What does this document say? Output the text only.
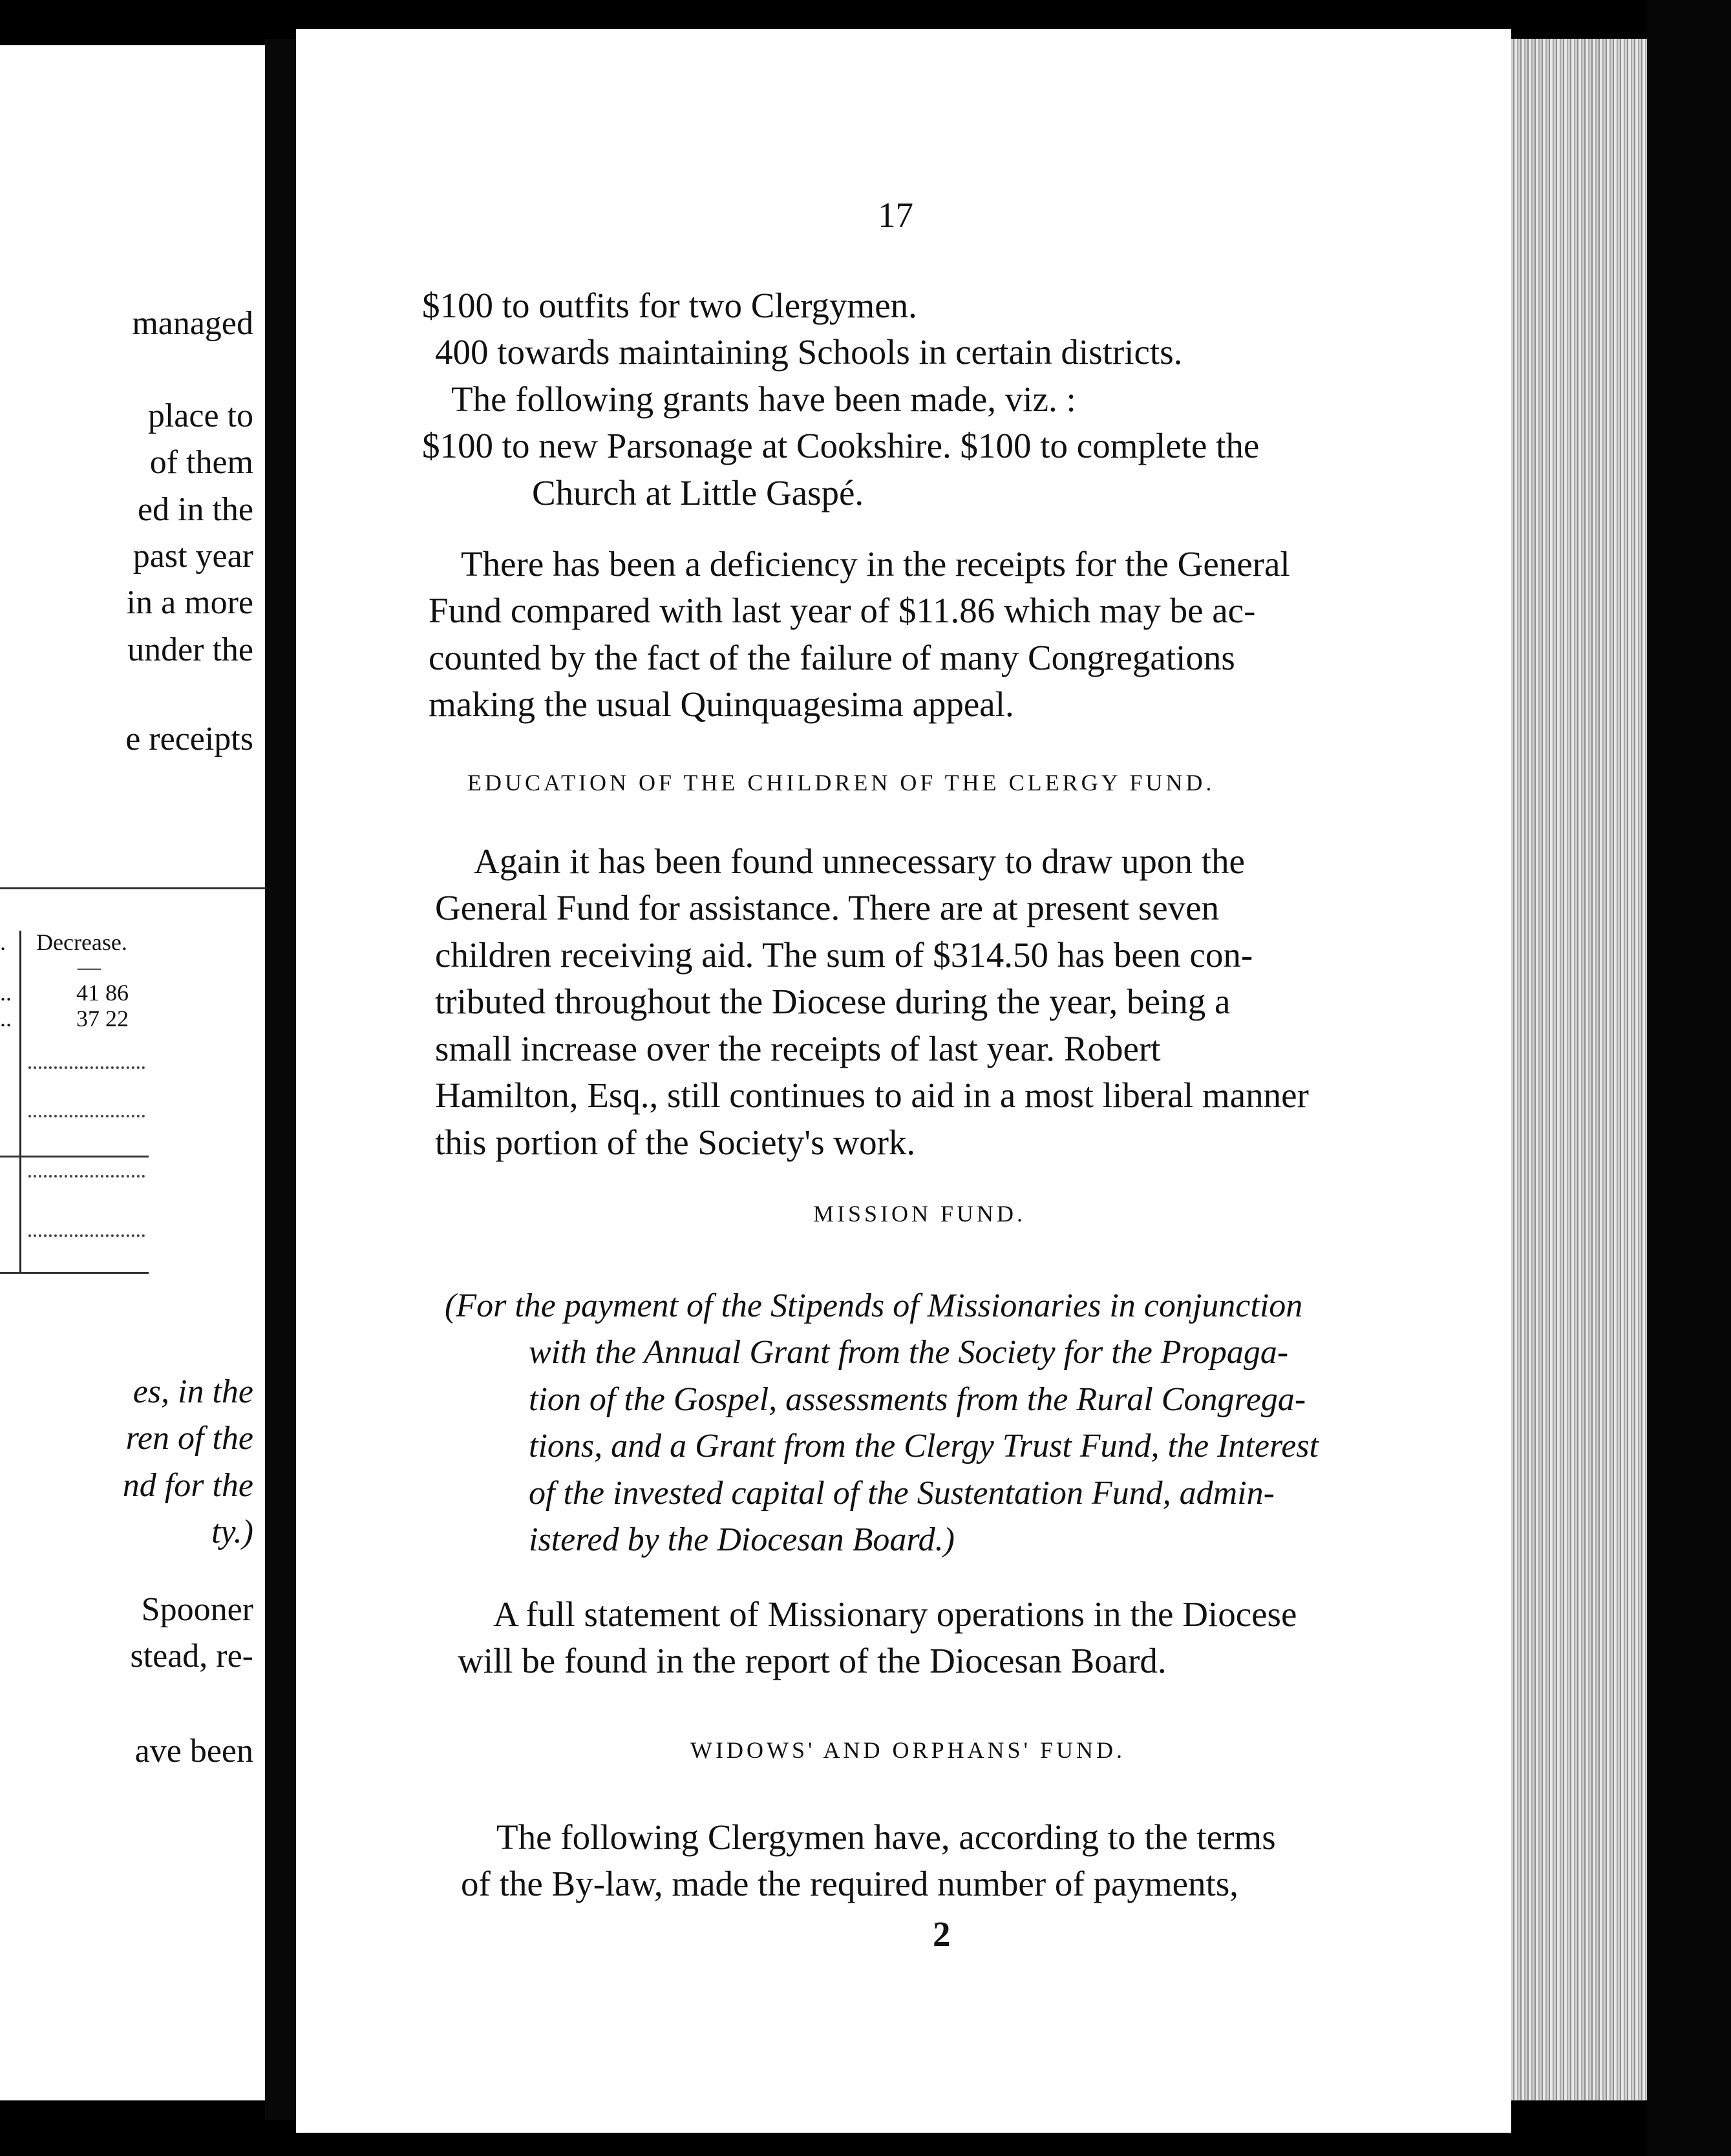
managed
place to
of them
ed in the
past year
in a more
under the
e receipts
. Decrease.
—
..	41 86
..	37 22
es, in the
ren of the
nd for the
ty.)
Spooner
stead, re-
ave been
17
$100 to outfits for two Clergymen.
400 towards maintaining Schools in certain districts.
The following grants have been made, viz. :
$100 to new Parsonage at Cookshire. $100 to complete the
Church at Little Gaspé.
There has been a deficiency in the receipts for the General
Fund compared with last year of $11.86 which may be ac-
counted by the fact of the failure of many Congregations
making the usual Quinquagesima appeal.
EDUCATION OF THE CHILDREN OF THE CLERGY FUND.
Again it has been found unnecessary to draw upon the
General Fund for assistance. There are at present seven
children receiving aid. The sum of $314.50 has been con-
tributed throughout the Diocese during the year, being a
small increase over the receipts of last year. Robert
Hamilton, Esq., still continues to aid in a most liberal manner
this portion of the Society's work.
MISSION FUND.
(For the payment of the Stipends of Missionaries in conjunction
with the Annual Grant from the Society for the Propaga-
tion of the Gospel, assessments from the Rural Congrega-
tions, and a Grant from the Clergy Trust Fund, the Interest
of the invested capital of the Sustentation Fund, admin-
istered by the Diocesan Board.)
A full statement of Missionary operations in the Diocese
will be found in the report of the Diocesan Board.
WIDOWS' AND ORPHANS' FUND.
The following Clergymen have, according to the terms
of the By-law, made the required number of payments,
2
